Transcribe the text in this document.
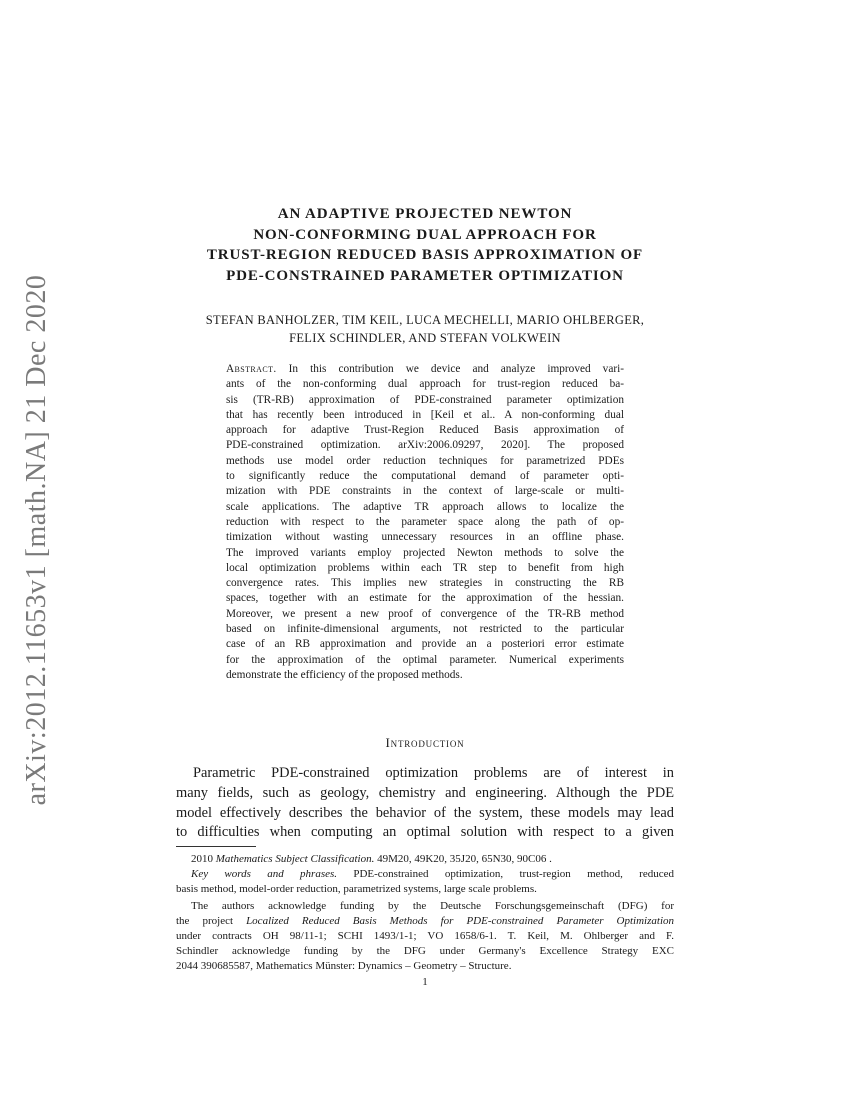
arXiv:2012.11653v1 [math.NA] 21 Dec 2020
AN ADAPTIVE PROJECTED NEWTON
NON-CONFORMING DUAL APPROACH FOR
TRUST-REGION REDUCED BASIS APPROXIMATION OF
PDE-CONSTRAINED PARAMETER OPTIMIZATION
STEFAN BANHOLZER, TIM KEIL, LUCA MECHELLI, MARIO OHLBERGER,
FELIX SCHINDLER, AND STEFAN VOLKWEIN
Abstract. In this contribution we device and analyze improved vari-
ants of the non-conforming dual approach for trust-region reduced ba-
sis (TR-RB) approximation of PDE-constrained parameter optimization
that has recently been introduced in [Keil et al.. A non-conforming dual
approach for adaptive Trust-Region Reduced Basis approximation of
PDE-constrained optimization. arXiv:2006.09297, 2020]. The proposed
methods use model order reduction techniques for parametrized PDEs
to significantly reduce the computational demand of parameter opti-
mization with PDE constraints in the context of large-scale or multi-
scale applications. The adaptive TR approach allows to localize the
reduction with respect to the parameter space along the path of op-
timization without wasting unnecessary resources in an offline phase.
The improved variants employ projected Newton methods to solve the
local optimization problems within each TR step to benefit from high
convergence rates. This implies new strategies in constructing the RB
spaces, together with an estimate for the approximation of the hessian.
Moreover, we present a new proof of convergence of the TR-RB method
based on infinite-dimensional arguments, not restricted to the particular
case of an RB approximation and provide an a posteriori error estimate
for the approximation of the optimal parameter. Numerical experiments
demonstrate the efficiency of the proposed methods.
Introduction
Parametric PDE-constrained optimization problems are of interest in
many fields, such as geology, chemistry and engineering. Although the PDE
model effectively describes the behavior of the system, these models may lead
to difficulties when computing an optimal solution with respect to a given
2010 Mathematics Subject Classification. 49M20, 49K20, 35J20, 65N30, 90C06 .
Key words and phrases. PDE-constrained optimization, trust-region method, reduced
basis method, model-order reduction, parametrized systems, large scale problems.
The authors acknowledge funding by the Deutsche Forschungsgemeinschaft (DFG) for
the project Localized Reduced Basis Methods for PDE-constrained Parameter Optimization
under contracts OH 98/11-1; SCHI 1493/1-1; VO 1658/6-1. T. Keil, M. Ohlberger and F.
Schindler acknowledge funding by the DFG under Germany's Excellence Strategy EXC
2044 390685587, Mathematics Münster: Dynamics – Geometry – Structure.
1
